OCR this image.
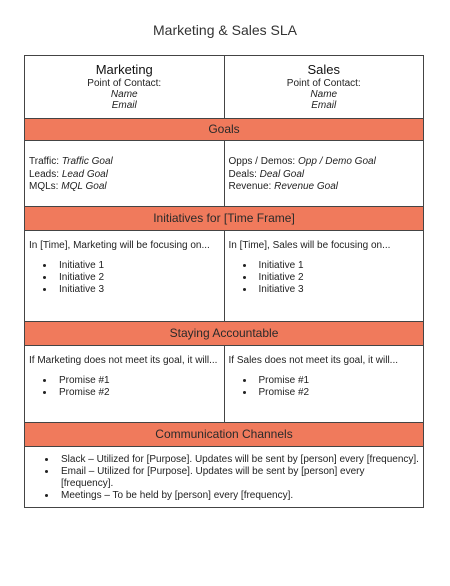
Marketing & Sales SLA
Marketing
Point of Contact:
Name
Email
Sales
Point of Contact:
Name
Email
Goals
Traffic: Traffic Goal
Leads: Lead Goal
MQLs: MQL Goal
Opps / Demos: Opp / Demo Goal
Deals: Deal Goal
Revenue: Revenue Goal
Initiatives for [Time Frame]
In [Time], Marketing will be focusing on...
• Initiative 1
• Initiative 2
• Initiative 3
In [Time], Sales will be focusing on...
• Initiative 1
• Initiative 2
• Initiative 3
Staying Accountable
If Marketing does not meet its goal, it will...
• Promise #1
• Promise #2
If Sales does not meet its goal, it will...
• Promise #1
• Promise #2
Communication Channels
• Slack – Utilized for [Purpose]. Updates will be sent by [person] every [frequency].
• Email – Utilized for [Purpose]. Updates will be sent by [person] every [frequency].
• Meetings – To be held by [person] every [frequency].
